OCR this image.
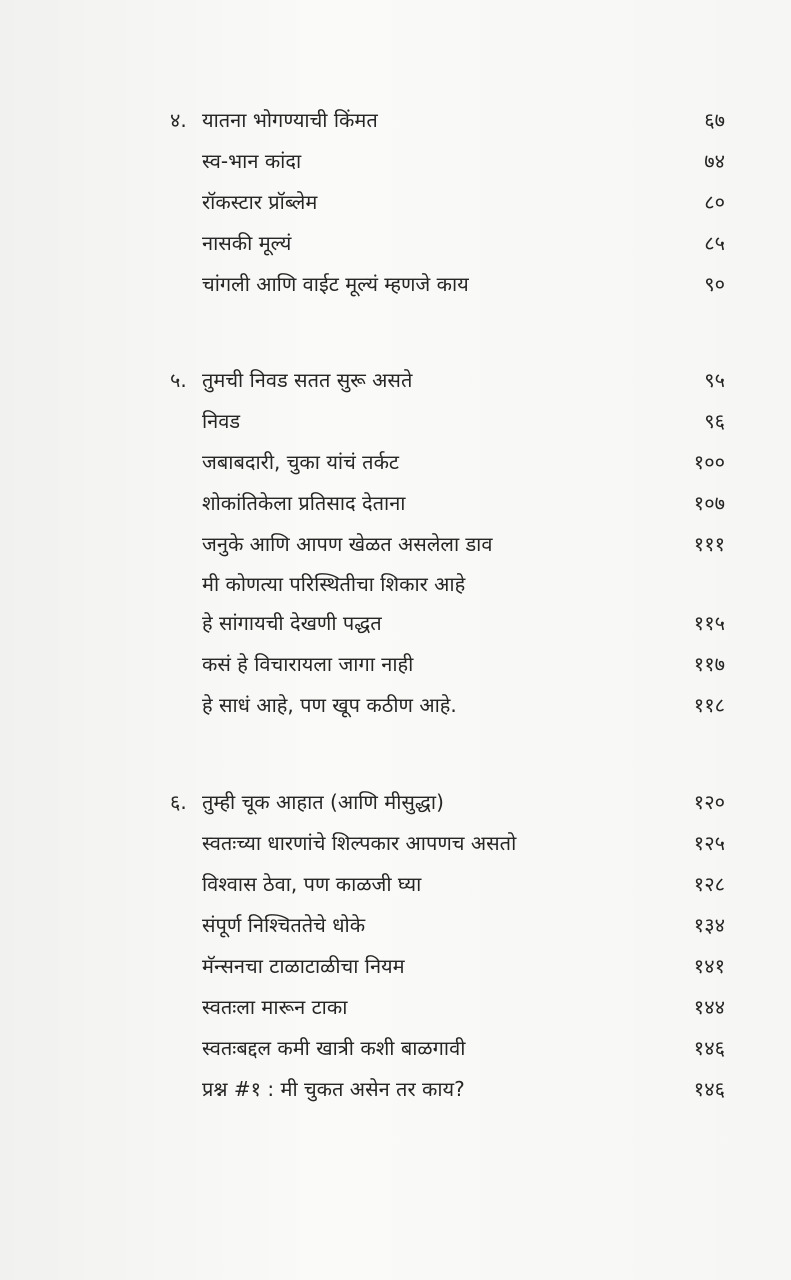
४. यातना भोगण्याची किंमत	६७
स्व-भान कांदा	७४
रॉकस्टार प्रॉब्लेम	८०
नासकी मूल्यं	८५
चांगली आणि वाईट मूल्यं म्हणजे काय	९०
५. तुमची निवड सतत सुरू असते	९५
निवड	९६
जबाबदारी, चुका यांचं तर्कट	१००
शोकांतिकेला प्रतिसाद देताना	१०७
जनुके आणि आपण खेळत असलेला डाव	१११
मी कोणत्या परिस्थितीचा शिकार आहे
हे सांगायची देखणी पद्धत	११५
कसं हे विचारायला जागा नाही	११७
हे साधं आहे, पण खूप कठीण आहे.	११८
६. तुम्ही चूक आहात (आणि मीसुद्धा)	१२०
स्वतःच्या धारणांचे शिल्पकार आपणच असतो	१२५
विश्वास ठेवा, पण काळजी घ्या	१२८
संपूर्ण निश्चिततेचे धोके	१३४
मॅन्सनचा टाळाटाळीचा नियम	१४१
स्वतःला मारून टाका	१४४
स्वतःबद्दल कमी खात्री कशी बाळगावी	१४६
प्रश्न #१ : मी चुकत असेन तर काय?	१४६
